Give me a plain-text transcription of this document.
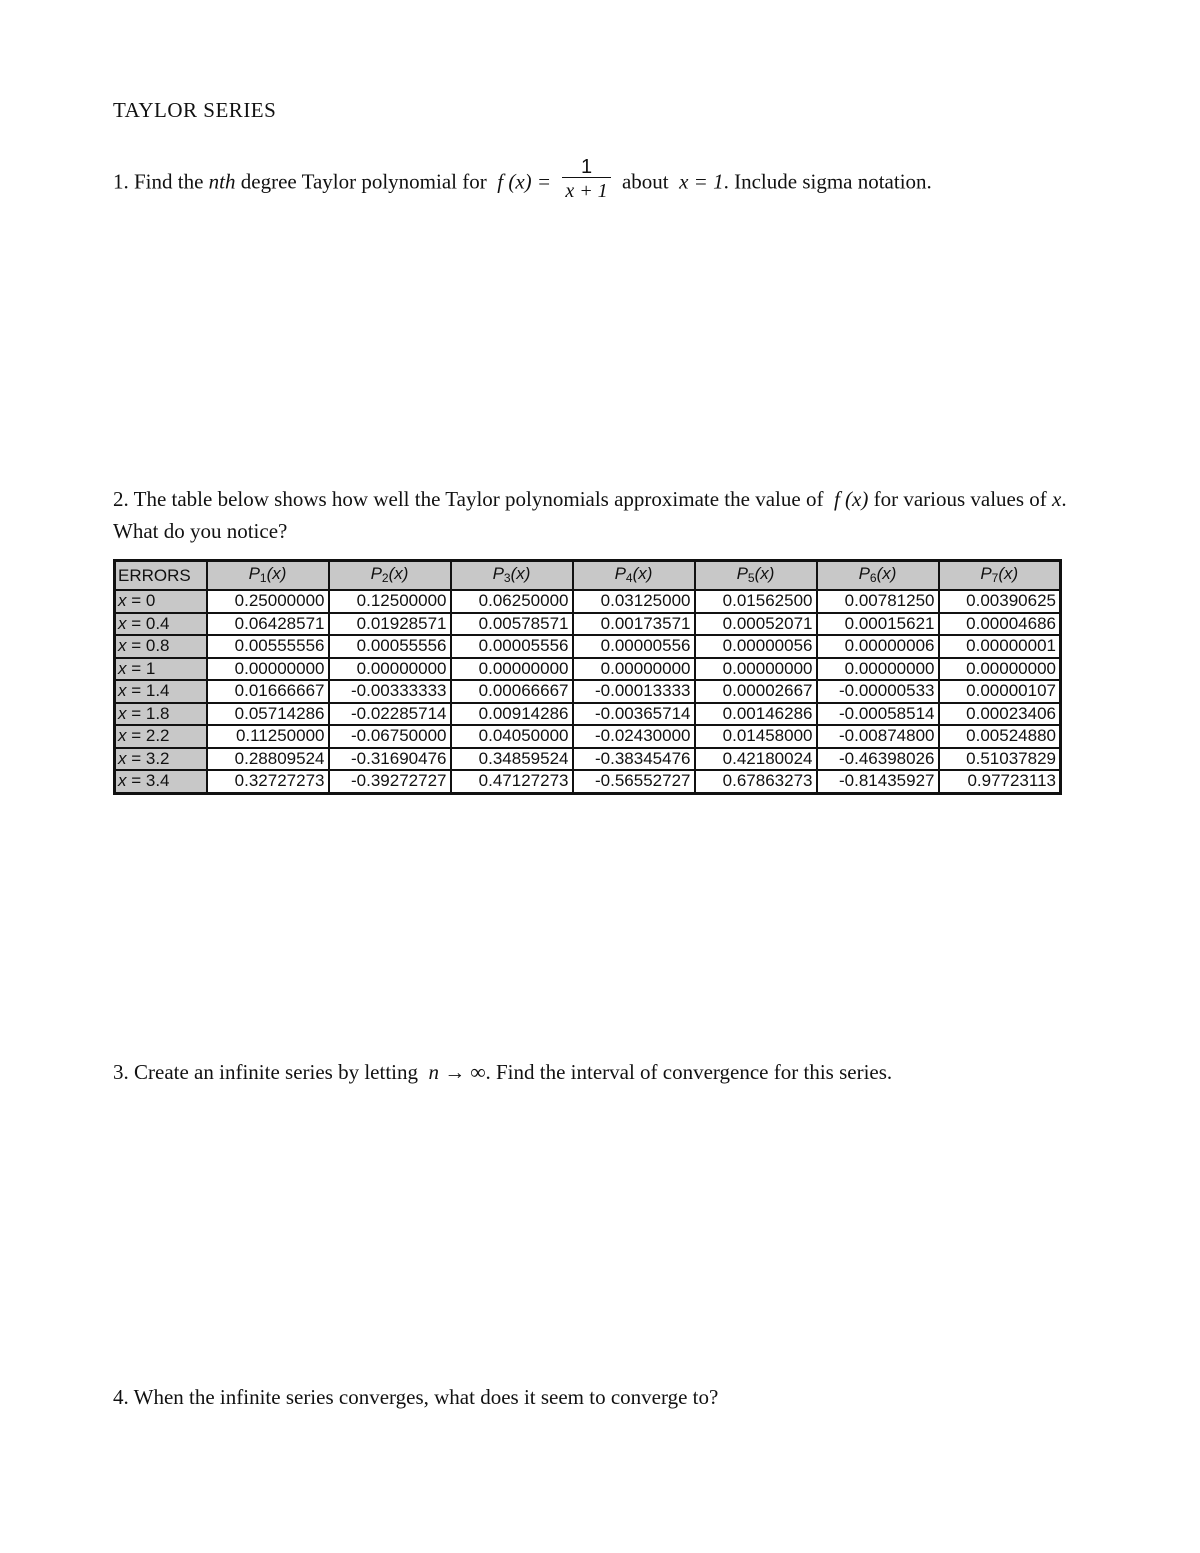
TAYLOR SERIES
1. Find the nth degree Taylor polynomial for f $(x) = \frac{1}{x + 1}$ about x = 1. Include sigma notation.
2. The table below shows how well the Taylor polynomials approximate the value of f (x) for various values of x. What do you notice?
ERRORS	P1(x)	P2(x)	P3(x)	P4(x)	P5(x)	P6(x)	P7(x)
x = 0	0.25000000	0.12500000	0.06250000	0.03125000	0.01562500	0.00781250	0.00390625
x = 0.4	0.06428571	0.01928571	0.00578571	0.00173571	0.00052071	0.00015621	0.00004686
x = 0.8	0.00555556	0.00055556	0.00005556	0.00000556	0.00000056	0.00000006	0.00000001
x = 1	0.00000000	0.00000000	0.00000000	0.00000000	0.00000000	0.00000000	0.00000000
x = 1.4	0.01666667	-0.00333333	0.00066667	-0.00013333	0.00002667	-0.00000533	0.00000107
x = 1.8	0.05714286	-0.02285714	0.00914286	-0.00365714	0.00146286	-0.00058514	0.00023406
x = 2.2	0.11250000	-0.06750000	0.04050000	-0.02430000	0.01458000	-0.00874800	0.00524880
x = 3.2	0.28809524	-0.31690476	0.34859524	-0.38345476	0.42180024	-0.46398026	0.51037829
x = 3.4	0.32727273	-0.39272727	0.47127273	-0.56552727	0.67863273	-0.81435927	0.97723113
3. Create an infinite series by letting n → ∞. Find the interval of convergence for this series.
4. When the infinite series converges, what does it seem to converge to?
